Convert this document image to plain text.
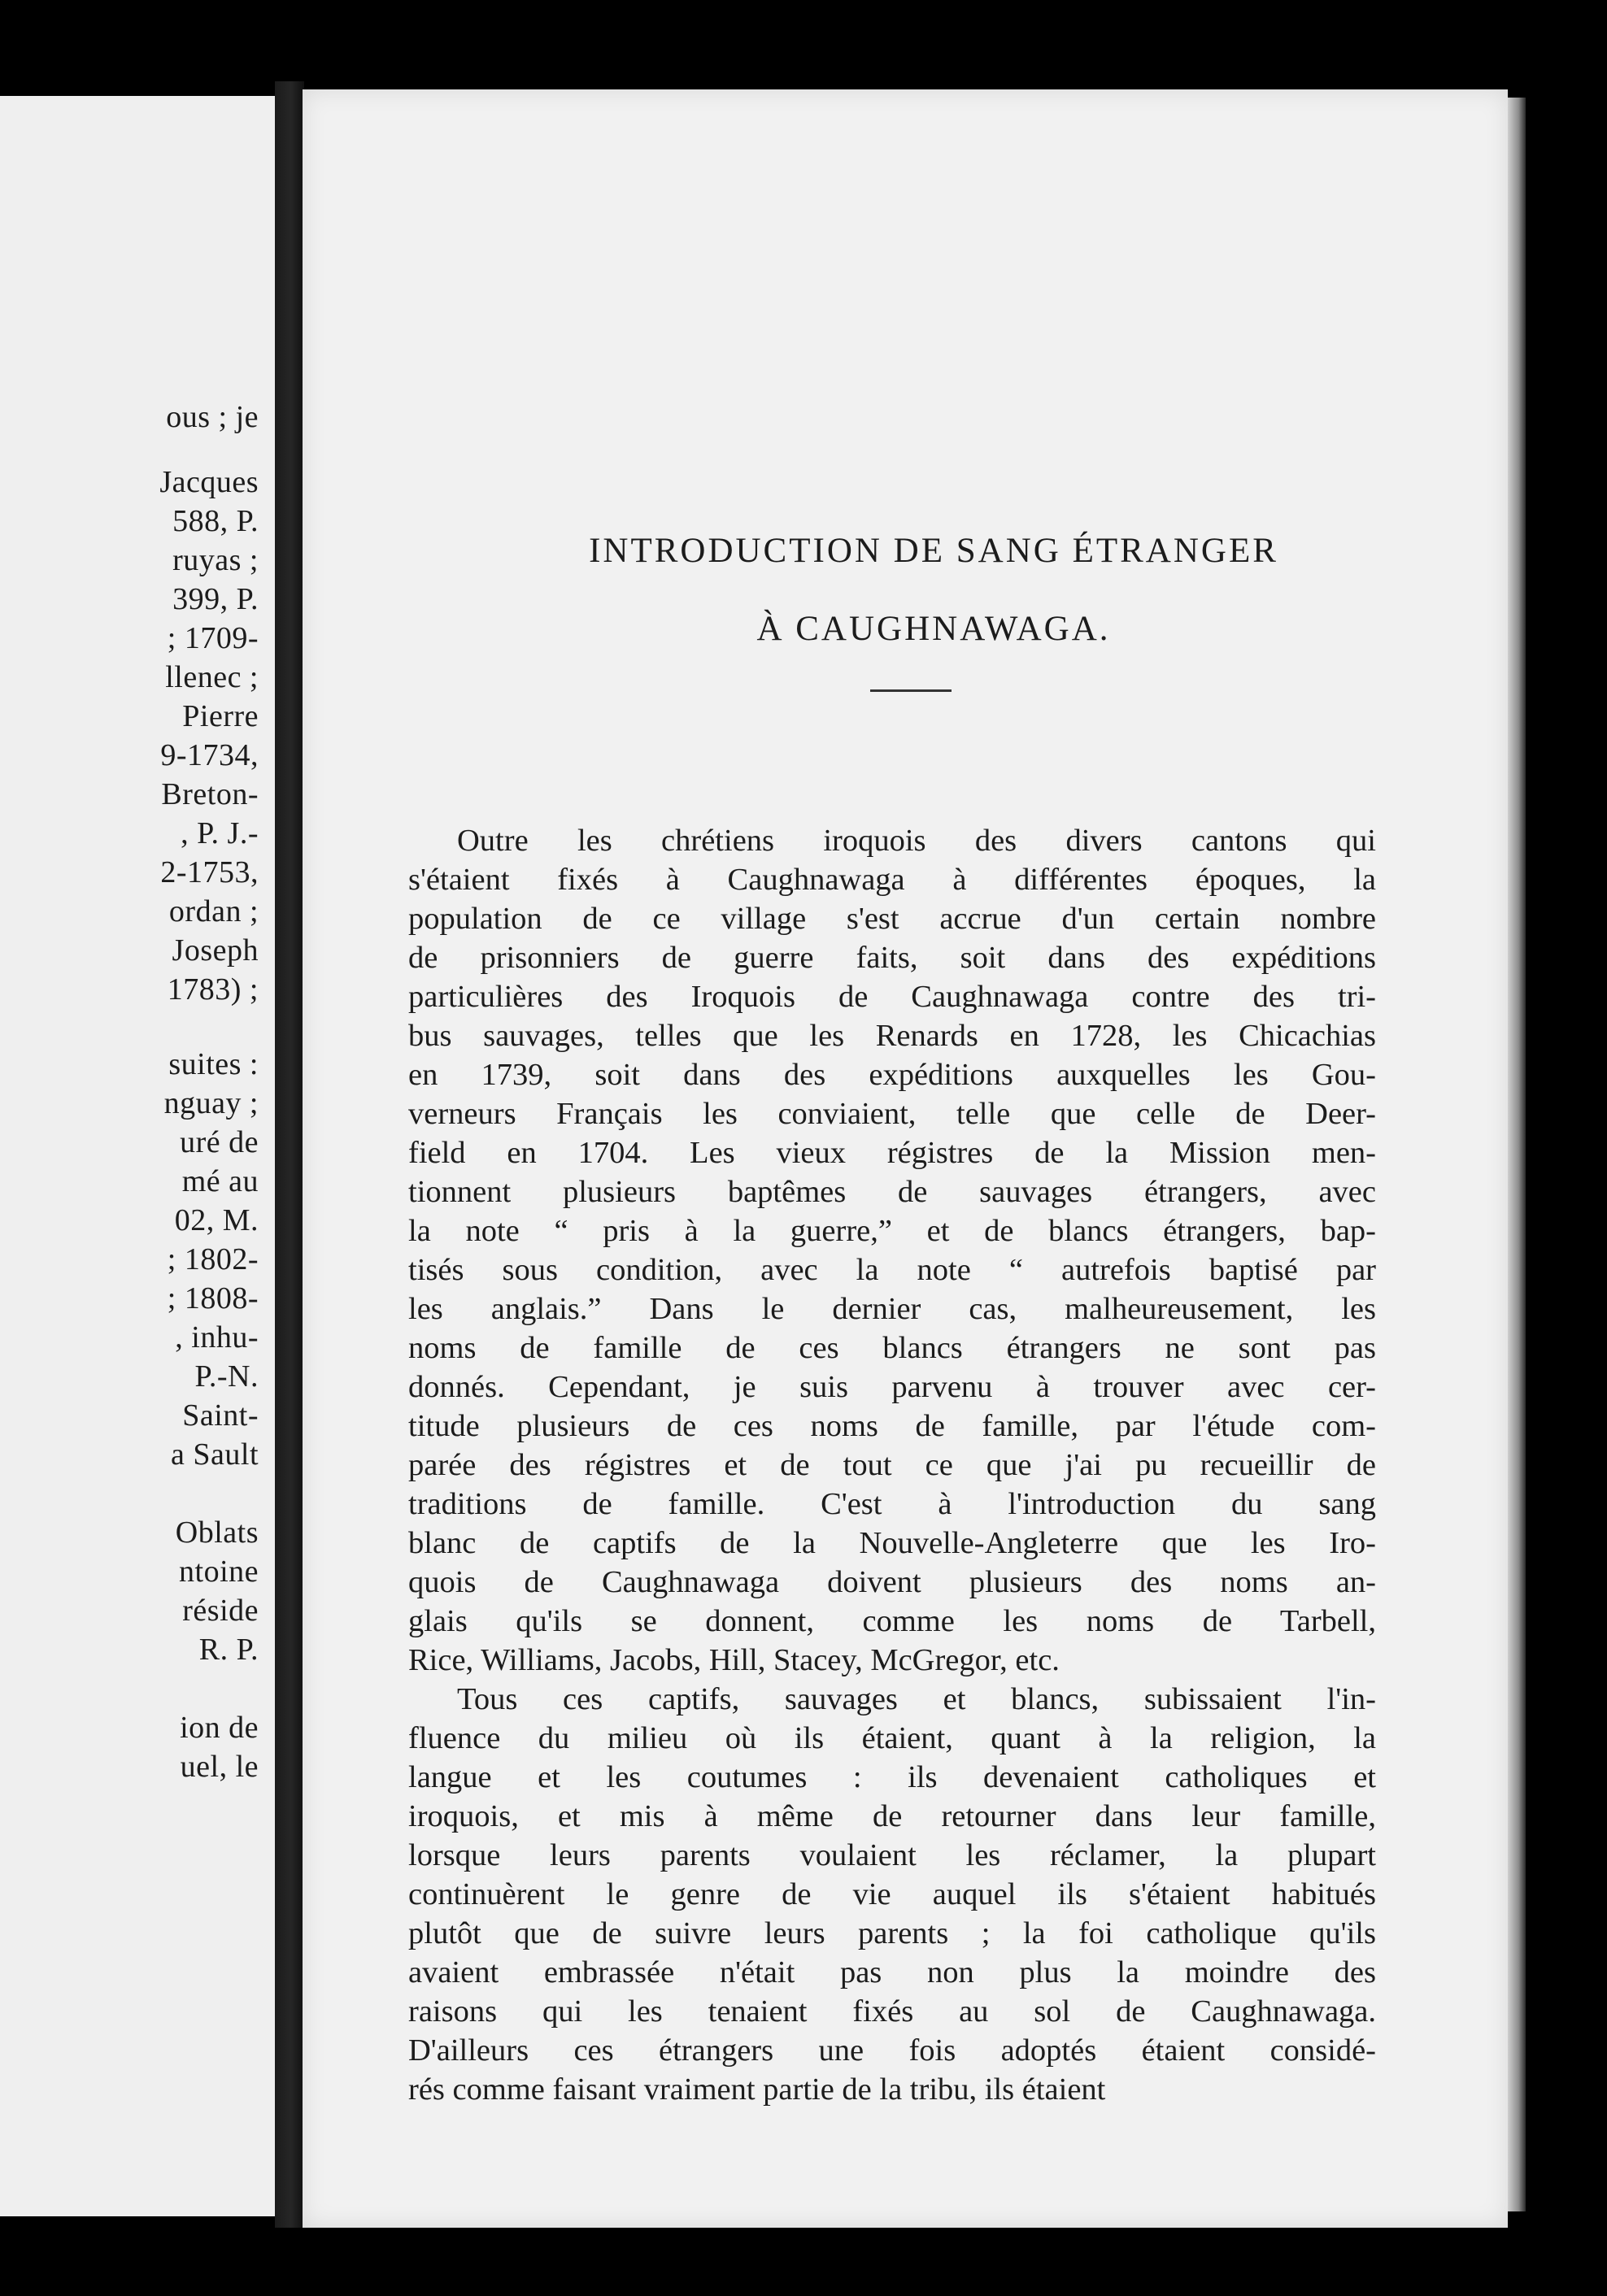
ous ; je
Jacques
588, P.
ruyas ;
399, P.
; 1709-
llenec ;
Pierre
9-1734,
Breton-
, P. J.-
2-1753,
ordan ;
Joseph
1783) ;
suites :
nguay ;
uré de
mé au
02, M.
; 1802-
; 1808-
, inhu-
P.-N.
Saint-
a Sault
Oblats
ntoine
réside
R. P.
ion de
uel, le
INTRODUCTION DE SANG ÉTRANGER
À CAUGHNAWAGA.
Outre les chrétiens iroquois des divers cantons qui
s'étaient fixés à Caughnawaga à différentes époques, la
population de ce village s'est accrue d'un certain nombre
de prisonniers de guerre faits, soit dans des expéditions
particulières des Iroquois de Caughnawaga contre des tri-
bus sauvages, telles que les Renards en 1728, les Chicachias
en 1739, soit dans des expéditions auxquelles les Gou-
verneurs Français les conviaient, telle que celle de Deer-
field en 1704. Les vieux régistres de la Mission men-
tionnent plusieurs baptêmes de sauvages étrangers, avec
la note “ pris à la guerre,” et de blancs étrangers, bap-
tisés sous condition, avec la note “ autrefois baptisé par
les anglais.” Dans le dernier cas, malheureusement, les
noms de famille de ces blancs étrangers ne sont pas
donnés. Cependant, je suis parvenu à trouver avec cer-
titude plusieurs de ces noms de famille, par l'étude com-
parée des régistres et de tout ce que j'ai pu recueillir de
traditions de famille. C'est à l'introduction du sang
blanc de captifs de la Nouvelle-Angleterre que les Iro-
quois de Caughnawaga doivent plusieurs des noms an-
glais qu'ils se donnent, comme les noms de Tarbell,
Rice, Williams, Jacobs, Hill, Stacey, McGregor, etc.
Tous ces captifs, sauvages et blancs, subissaient l'in-
fluence du milieu où ils étaient, quant à la religion, la
langue et les coutumes : ils devenaient catholiques et
iroquois, et mis à même de retourner dans leur famille,
lorsque leurs parents voulaient les réclamer, la plupart
continuèrent le genre de vie auquel ils s'étaient habitués
plutôt que de suivre leurs parents ; la foi catholique qu'ils
avaient embrassée n'était pas non plus la moindre des
raisons qui les tenaient fixés au sol de Caughnawaga.
D'ailleurs ces étrangers une fois adoptés étaient considé-
rés comme faisant vraiment partie de la tribu, ils étaient
